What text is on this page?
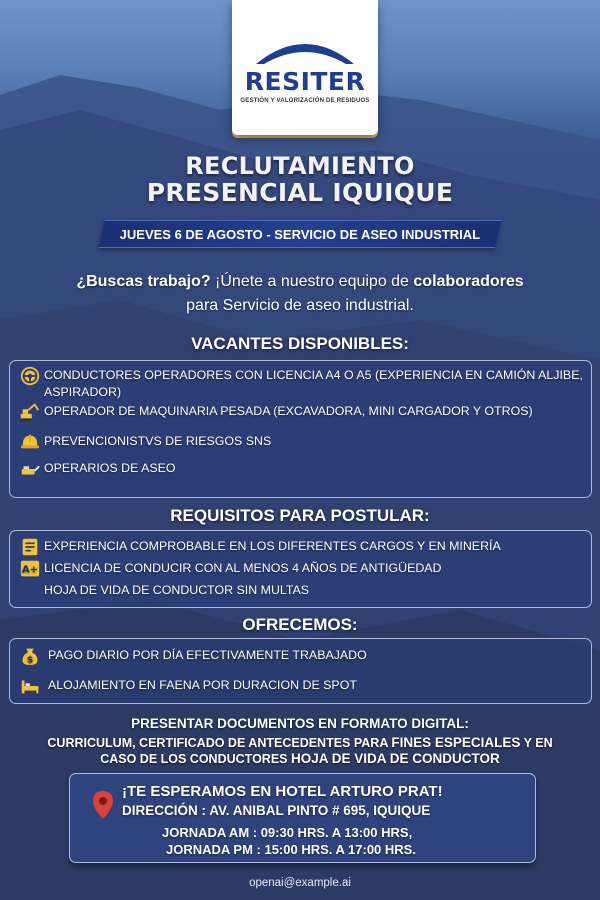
RESITER
GESTIÓN Y VALORIZACIÓN DE RESIDUOS
RECLUTAMIENTO
PRESENCIAL IQUIQUE
JUEVES 6 DE AGOSTO - SERVICIO DE ASEO INDUSTRIAL
¿Buscas trabajo? ¡Únete a nuestro equipo de colaboradores
para Servicio de aseo industrial.
VACANTES DISPONIBLES:
CONDUCTORES OPERADORES CON LICENCIA A4 O A5 (EXPERIENCIA EN CAMIÓN ALJIBE, ASPIRADOR)
OPERADOR DE MAQUINARIA PESADA (EXCAVADORA, MINI CARGADOR Y OTROS)
PREVENCIONISTVS DE RIESGOS SNS
OPERARIOS DE ASEO
REQUISITOS PARA POSTULAR:
EXPERIENCIA COMPROBABLE EN LOS DIFERENTES CARGOS Y EN MINERÍA
A+ LICENCIA DE CONDUCIR CON AL MENOS 4 AÑOS DE ANTIGÜEDAD
HOJA DE VIDA DE CONDUCTOR SIN MULTAS
OFRECEMOS:
$	PAGO DIARIO POR DÍA EFECTIVAMENTE TRABAJADO
ALOJAMIENTO EN FAENA POR DURACION DE SPOT
PRESENTAR DOCUMENTOS EN FORMATO DIGITAL:
CURRICULUM, CERTIFICADO DE ANTECEDENTES PARA FINES ESPECIALES Y EN
CASO DE LOS CONDUCTORES HOJA DE VIDA DE CONDUCTOR
¡TE ESPERAMOS EN HOTEL ARTURO PRAT!
DIRECCIÓN : AV. ANIBAL PINTO # 695, IQUIQUE
JORNADA AM : 09:30 HRS. A 13:00 HRS,
JORNADA PM : 15:00 HRS. A 17:00 HRS.
openai@example.ai
